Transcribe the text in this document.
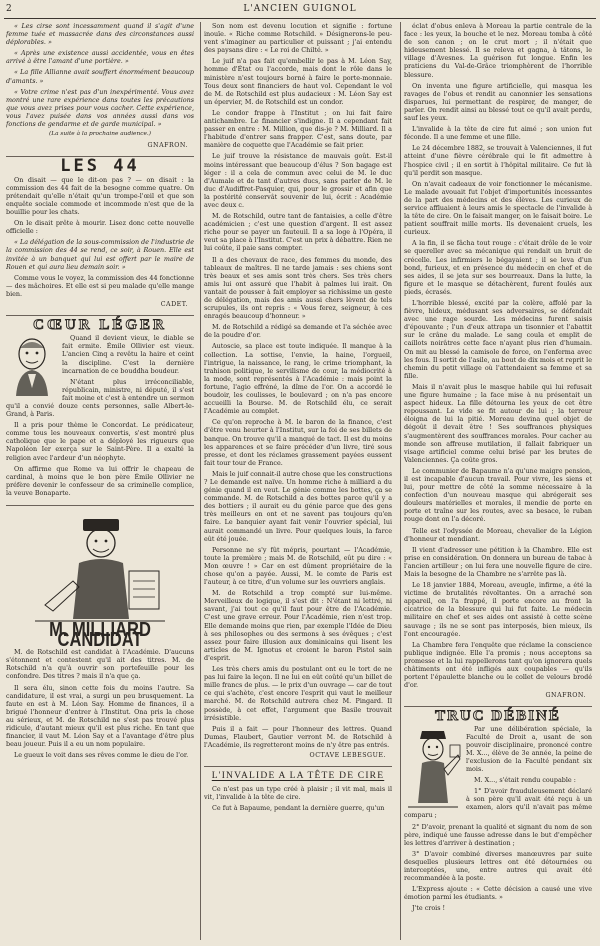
2	L'ANCIEN GUIGNOL

« Les cirse sont incessamment quand il s'agit d'une femme tuée et massacrée dans des circonstances aussi déplorables. »

« Après une existence aussi accidentée, vous en êtes arrivé à être l'amant d'une portière. »

« La fille Allianne avait souffert énormément beaucoup d'amants. »

« Votre crime n'est pas d'un inexpérimenté. Vous avez montré une rare expérience dans toutes les précautions que vous avez prises pour vous cacher. Cette expérience, vous l'avez puisée dans vos années aussi dans vos fonctions de gendarme et de garde municipal. »

(La suite à la prochaine audience.)

GNAFRON.

LES 44

On disait — que le dit-on pas ? — on disait : la commission des 44 fait de la besogne comme quatre. On prétendait qu'elle n'était qu'un trompe-l'œil et que son enquête sociale commode et incommode n'est que de la bouillie pour les chats.

On le disait prête à mourir. Lisez donc cette nouvelle officielle :

« La délégation de la sous-commission de l'industrie de la commission des 44 se rend, ce soir, à Rouen. Elle est invitée à un banquet qui lui est offert par le maire de Rouen et qui aura lieu demain soir. »

Comme vous le voyez, la commission des 44 fonctionne — des mâchoires. Et elle est si peu malade qu'elle mange bien.

CADET.

CŒUR LÉGER

Quand il devient vieux, le diable se fait ermite. Émile Ollivier est vieux. L'ancien Cinq a revêtu la haire et ceint la discipline. C'est la dernière incarnation de ce bouddha boudeur.

N'étant plus irréconciliable, républicain, ministre, ni député, il s'est fait moine et c'est à entendre un sermon qu'il a convié douze cents personnes, salle Albert-le-Grand, à Paris.

Il a pris pour thème le Concordat. Le prédicateur, comme tous les nouveaux convertis, s'est montré plus catholique que le pape et a déployé les rigueurs que Napoléon Ier exerça sur le Saint-Père. Il a exalté la religion avec l'ardeur d'un néophyte.

On affirme que Rome va lui offrir le chapeau de cardinal, à moins que le bon père Émile Ollivier ne préfère devenir le confesseur de sa criminelle complice, la veuve Bonaparte.

M. MILLIARD CANDIDAT

M. de Rotschild est candidat à l'Académie. D'aucuns s'étonnent et contestent qu'il ait des titres. M. de Rotschild n'a qu'à ouvrir son portefeuille pour les confondre. Des titres ? mais il n'a que ça.

Il sera élu, sinon cette fois du moins l'autre. Sa candidature, il est vrai, a surgi un peu brusquement. La faute en est à M. Léon Say. Homme de finances, il a brigué l'honneur d'entrer à l'Institut. Ona pris la chose au sérieux, et M. de Rotschild ne s'est pas trouvé plus ridicule, d'autant mieux qu'il est plus riche. En tant que financier, il vaut M. Léon Say et a l'avantage d'être plus beau joueur. Puis il a eu un nom populaire.

Le gueux le voit dans ses rêves comme le dieu de l'or.

Son nom est devenu locution et signifie : fortune inouïe. « Riche comme Rotschild. » Désignerons-le peu-vent s'imaginer au particulier et puissant ; j'ai entendu des paysans dire : « Le roi de Chilté. »

Le juif n'a pas fait qu'embellir le pas à M. Léon Say, homme d'État ou l'accorde, mais dont le rôle dans le ministère n'est toujours borné à faire le porte-monnaie. Tous deux sont financiers de haut vol. Cependant le vol de M. de Rotschild est plus audacieux : M. Léon Say est un épervier, M. de Rotschild est un condor.

Le condor frappe à l'Institut ; on lui fait faire antichambre. Le financier s'indigne. Il a cependant fait passer en entre : M. Million, que dis-je ? M. Milliard. Il a l'habitude d'entrer sans frapper. C'est, sans doute, par manière de coquette que l'Académie se fait prier.

Le juif trouve la résistance de mauvais goût. Est-il moins intéressant que beaucoup d'élus ? Son bagage est léger : il a cela de commun avec celui de M. le duc d'Aumale et de tant d'autres ducs, sans parler de M. le duc d'Audiffret-Pasquier, qui, pour le grossir et afin que la postérité conservât souvenir de lui, écrit : Académie avec deux c.

M. de Rotschild, outre tant de fantaisies, a celle d'être académicien ; c'est une question d'argent. Il est assez riche pour se payer un fauteuil. Il a sa loge à l'Opéra, il veut sa place à l'Institut. C'est un prix à débattre. Rien ne lui coûte, il paie sans compter.

Il a des chevaux de race, des femmes du monde, des tableaux de maîtres. Il ne tarde jamais : ses chiens sont très beaux et ses amis sont très chers. Ses très chers amis lui ont assuré que l'habit à palmes lui irait. On vantait de pousser à fait employer sa richissime un geste de délégation, mais des amis aussi chers lèvent de tels scrupules, ils ont repris : « Vous ferez, seigneur, à ces enragés beaucoup d'honneur. »

M. de Rotschild a rédigé sa demande et l'a séchée avec de la poudre d'or.

Autoscie, sa place est toute indiquée. Il manque à la collection. La sottise, l'envie, la haine, l'orgueil, l'intrigue, la naissance, le rang, le crime triomphant, la trahison politique, le servilisme de cour, la médiocrité à la mode, sont représentés à l'Académie : mais point la fortune, l'agio effréné, la dîme de l'or. On a accordé le boudoir, les coulisses, le boulevard ; on n'a pas encore accueilli la Bourse. M. de Rotschild élu, ce serait l'Académie au complet.

Ce qu'on reproche à M. le baron de la finance, c'est d'être venu heurter à l'Institut, sur la foi de ses billets de banque. On trouve qu'il a manqué de tact. Il est du moins les apparences et se faire précéder d'un livre, tiré sous presse, et dont les réclames grassement payées eussent fait tour tour de France.

Mais le juif connait-il autre chose que les constructions ? Le demande est naïve. Un homme riche à milliard a du génie quand il en veut. Le génie comme les bottes, ça se commande. M. de Rotschild a des bottes parce qu'il y a des bottiers ; il aurait eu du génie parce que des gens très meilleurs en ont et ne savent pas toujours qu'en faire. Le banquier ayant fait venir l'ouvrier spécial, lui aurait commandé un livre. Pour quelques louis, la farce eût été jouée.

Personne ne s'y fût mépris, pourtant — l'Académie, toute la première ; mais M. de Rotschild, eût pu dire : « Mon œuvre ! » Car en est dûment propriétaire de la chose qu'on a payée. Aussi, M. le comte de Paris est l'auteur, à ce titre, d'un volume sur les ouvriers anglais.

M. de Rotschild a trop compté sur lui-même. Merveilleux de logique, il s'est dit : N'étant ni lettré, ni savant, j'ai tout ce qu'il faut pour être de l'Académie. C'est une grave erreur. Pour l'Académie, rien n'est trop. Elle demande moins que rien, par exemple l'Idée de Dieu à ses philosophes ou des sermons à ses évêques ; c'est assez pour faire illusion aux dominicains qui lisent les articles de M. Ignotus et croient le baron Pistol sain d'esprit.

Les très chers amis du postulant ont eu le tort de ne pas lui faire la leçon. Il ne lui en eût coûté qu'un billet de mille francs de plus. — le prix d'un ouvrage — car de tout ce qui s'achète, c'est encore l'esprit qui vaut le meilleur marché. M. de Rotschild autrera chez M. Pingard. Il possède, à cet effet, l'argument que Basile trouvait irrésistible.

Puis il a fait — pour l'honneur des lettres. Quand Dumas, Flaubert, Gautier verront M. de Rotschild à l'Académie, ils regretteront moins de n'y être pas entrés.

OCTAVE LEBESGUE.

L'INVALIDE A LA TÊTE DE CIRE

Ce n'est pas un type créé à plaisir ; il vit mal, mais il vit, l'invalide à la tête de cire.

Ce fut à Bapaume, pendant la dernière guerre, qu'un

éclat d'obus enleva à Moreau la partie centrale de la face : les yeux, la bouche et le nez. Moreau tomba à côté de son canon ; on le crut mort ; il n'était que hideusement blessé. Il se releva et gagna, à tâtons, le village d'Avesnes. La guérison fut longue. Enfin les praticiens du Val-de-Grâce triomphèrent de l'horrible blessure.

On inventa une figure artificielle, qui masqua les ravages de l'obus et rendit au canonnier les sensations disparues, lui permettant de respirer, de manger, de parler. On rendit ainsi au blessé tout ce qu'il avait perdu, sauf les yeux.

L'invalide à la tête de cire fut aimé ; son union fut féconde. Il a une femme et une fille.

Le 24 décembre 1882, se trouvait à Valenciennes, il fut atteint d'une fièvre cérébrale qui le fit admettre à l'hospice civil ; il en sortit à l'hôpital militaire. Ce fut là qu'il perdit son masque.

On n'avait cadeaux de voir fonctionner le mécanisme. Le malade avouait fut l'objet d'importunités incessantes de la part des médecins et des élèves. Les curieux de service affluaient à leurs amis le spectacle de l'invalide à la tête de cire. On le faisait manger, on le faisait boire. Le patient souffrait mille morts. Ils devenaient cruels, les curieux.

A la fin, il se fâcha tout rouge : c'était drôle de le voir se quereller avec sa mécanique qui rendait un bruit de crécelle. Les infirmiers le bégayaient ; il se leva d'un bond, furieux, et en présence du médecin en chef et de ses aides, il se jeta sur ses bourreaux. Dans la lutte, la figure et le masque se détachèrent, furent foulés aux pieds, écrasés.

L'horrible blessé, excité par la colère, affolé par la fièvre, hideux, médusant ses adversaires, se défendait avec une rage sourde. Les médecins furent saisis d'épouvante ; l'un d'eux attrapa un tisonnier et l'abattit sur le crâne du malade. Le sang coula et emplit de caillots noirâtres cette face n'ayant plus rien d'humain. On mit au blessé la camisole de force, on l'enferma avec les fous. Il sortit de l'asile, au bout de dix mois et reprit le chemin du petit village où l'attendaient sa femme et sa fille.

Mais il n'avait plus le masque habile qui lui refusait une figure humaine ; la face mise à nu présentait un aspect hideux. La fille détourna les yeux de cet être repoussant. Le vide se fit autour de lui ; la terreur éloigna de lui la pitié. Moreau devina quel objet de dégoût il devait être ! Ses souffrances physiques s'augmentèrent des souffrances morales. Pour cacher au monde son affreuse mutilation, il fallait fabriquer un visage artificiel comme celui brisé par les brutes de Valenciennes. Ça coûte gros.

Le communier de Bapaume n'a qu'une maigre pension, il est incapable d'aucun travail. Pour vivre, les siens et lui, pour mettre de côté la somme nécessaire à la confection d'un nouveau masque qui abrégerait ses douleurs matérielles et morales, il mendie de porte en porte et traîne sur les routes, avec sa besace, le ruban rouge dont on l'a décoré.

Telle est l'odyssée de Moreau, chevalier de la Légion d'honneur et mendiant.

Il vient d'adresser une pétition à la Chambre. Elle est prise en considération. On donnera un bureau de tabac à l'ancien artilleur ; on lui fera une nouvelle figure de cire. Mais la besogne de la Chambre ne s'arrête pas là.

Le 18 janvier 1884, Moreau, aveugle, infirme, a été la victime de brutalités révoltantes. On a arraché son appareil, on l'a frappé, il porte encore au front la cicatrice de la blessure qui lui fut faite. Le médecin militaire en chef et ses aides ont assisté à cette scène sauvage ; ils ne se sont pas interposés, bien mieux, ils l'ont encouragée.

La Chambre fera l'enquête que réclame la conscience publique indignée. Elle l'a promis ; nous acceptons sa promesse et la lui rappellerons tant qu'on ignorera quels châtiments ont été infligés aux coupables — qu'ils portent l'épaulette blanche ou le collet de velours brodé d'or.

GNAFRON.

TRUC DÉBINÉ

Par une délibération spéciale, la Faculté de Droit a, usant de son pouvoir disciplinaire, prononcé contre M. X..., élève de 3e année, la peine de l'exclusion de la Faculté pendant six mois.

M. X..., s'était rendu coupable :

1° D'avoir frauduleusement déclaré à son père qu'il avait été reçu à un examen, alors qu'il n'avait pas même comparu ;

2° D'avoir, prenant la qualité et signant du nom de son père, indiqué une fausse adresse dans le but d'empêcher les lettres d'arriver à destination ;

3° D'avoir combiné diverses manœuvres par suite desquelles plusieurs lettres ont été détournées ou interceptées, une, entre autres qui avait été recommandée à la poste.

L'Express ajoute : « Cette décision a causé une vive émotion parmi les étudiants. »

J'te crois !
